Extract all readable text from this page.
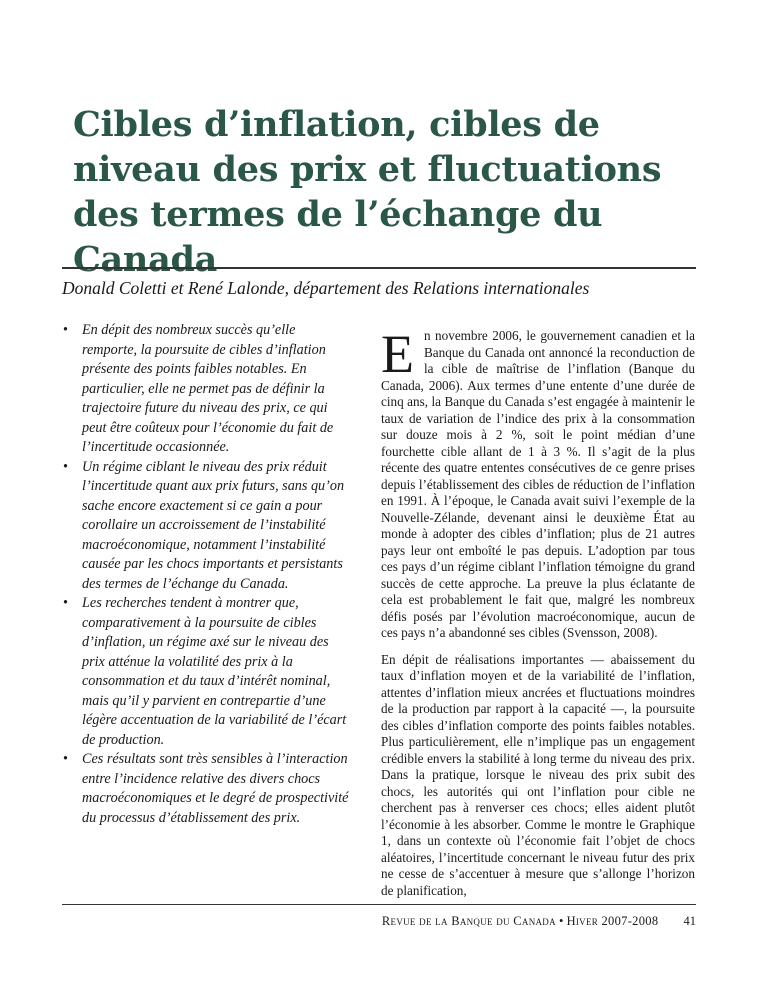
Cibles d’inflation, cibles de niveau des prix et fluctuations des termes de l’échange du Canada
Donald Coletti et René Lalonde, département des Relations internationales
• En dépit des nombreux succès qu’elle remporte, la poursuite de cibles d’inflation présente des points faibles notables. En particulier, elle ne permet pas de définir la trajectoire future du niveau des prix, ce qui peut être coûteux pour l’économie du fait de l’incertitude occasionnée.
• Un régime ciblant le niveau des prix réduit l’incertitude quant aux prix futurs, sans qu’on sache encore exactement si ce gain a pour corollaire un accroissement de l’instabilité macroéconomique, notamment l’instabilité causée par les chocs importants et persistants des termes de l’échange du Canada.
• Les recherches tendent à montrer que, comparativement à la poursuite de cibles d’inflation, un régime axé sur le niveau des prix atténue la volatilité des prix à la consommation et du taux d’intérêt nominal, mais qu’il y parvient en contrepartie d’une légère accentuation de la variabilité de l’écart de production.
• Ces résultats sont très sensibles à l’interaction entre l’incidence relative des divers chocs macroéconomiques et le degré de prospectivité du processus d’établissement des prix.

En novembre 2006, le gouvernement canadien et la Banque du Canada ont annoncé la reconduction de la cible de maîtrise de l’inflation (Banque du Canada, 2006). Aux termes d’une entente d’une durée de cinq ans, la Banque du Canada s’est engagée à maintenir le taux de variation de l’indice des prix à la consommation sur douze mois à 2 %, soit le point médian d’une fourchette cible allant de 1 à 3 %. Il s’agit de la plus récente des quatre ententes consécutives de ce genre prises depuis l’établissement des cibles de réduction de l’inflation en 1991. À l’époque, le Canada avait suivi l’exemple de la Nouvelle-Zélande, devenant ainsi le deuxième État au monde à adopter des cibles d’inflation; plus de 21 autres pays leur ont emboîté le pas depuis. L’adoption par tous ces pays d’un régime ciblant l’inflation témoigne du grand succès de cette approche. La preuve la plus éclatante de cela est probablement le fait que, malgré les nombreux défis posés par l’évolution macroéconomique, aucun de ces pays n’a abandonné ses cibles (Svensson, 2008).

En dépit de réalisations importantes — abaissement du taux d’inflation moyen et de la variabilité de l’inflation, attentes d’inflation mieux ancrées et fluctuations moindres de la production par rapport à la capacité —, la poursuite des cibles d’inflation comporte des points faibles notables. Plus particulièrement, elle n’implique pas un engagement crédible envers la stabilité à long terme du niveau des prix. Dans la pratique, lorsque le niveau des prix subit des chocs, les autorités qui ont l’inflation pour cible ne cherchent pas à renverser ces chocs; elles aident plutôt l’économie à les absorber. Comme le montre le Graphique 1, dans un contexte où l’économie fait l’objet de chocs aléatoires, l’incertitude concernant le niveau futur des prix ne cesse de s’accentuer à mesure que s’allonge l’horizon de planification,

Revue de la Banque du Canada • Hiver 2007-2008 41
